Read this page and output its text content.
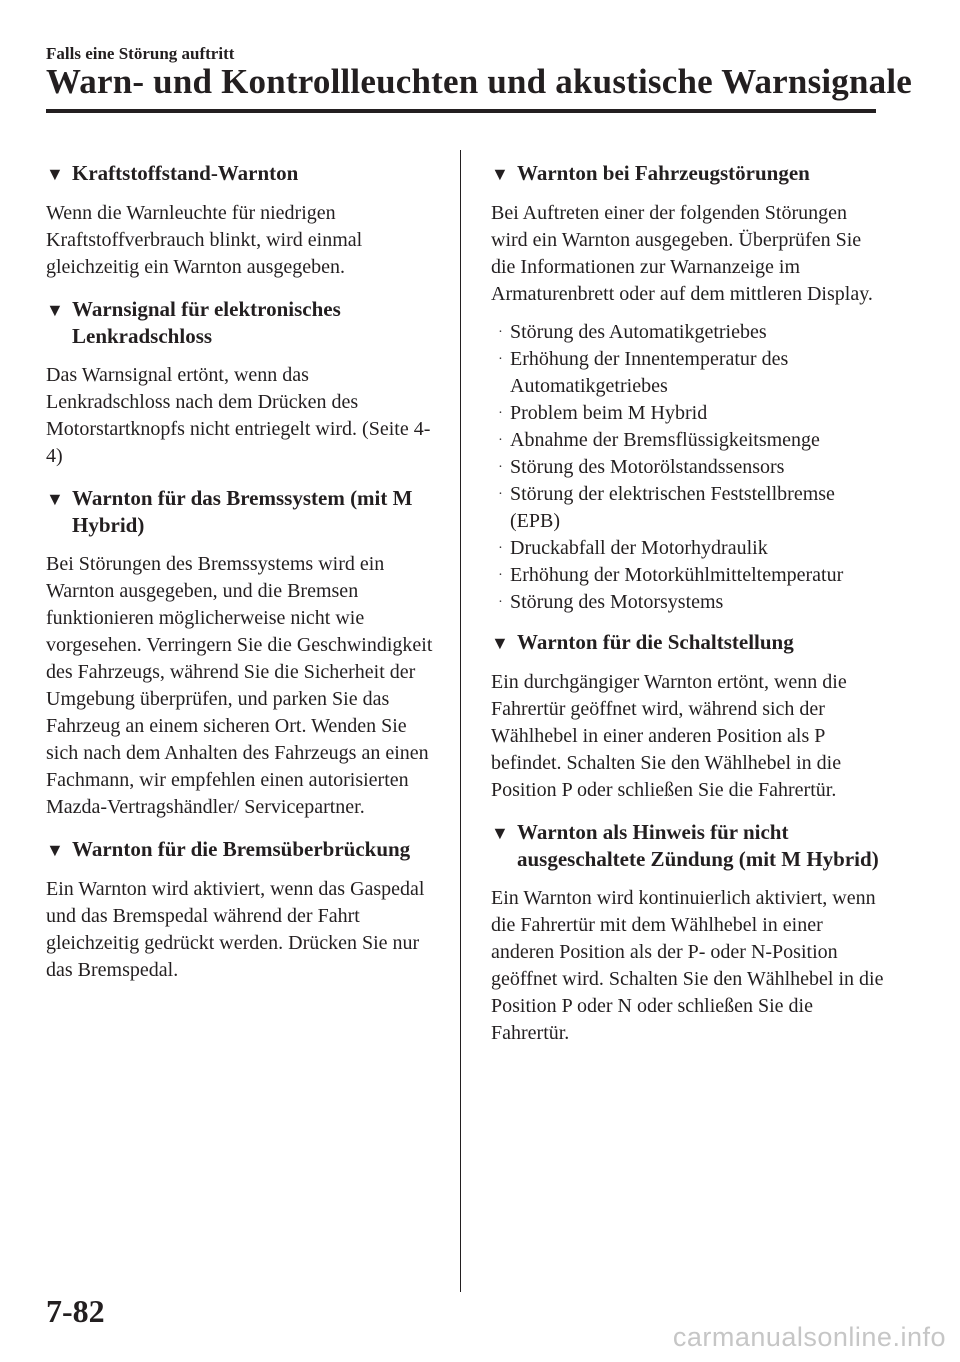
Falls eine Störung auftritt
Warn- und Kontrollleuchten und akustische Warnsignale
▼ Kraftstoffstand-Warnton

Wenn die Warnleuchte für niedrigen Kraftstoffverbrauch blinkt, wird einmal gleichzeitig ein Warnton ausgegeben.

▼ Warnsignal für elektronisches Lenkradschloss

Das Warnsignal ertönt, wenn das Lenkradschloss nach dem Drücken des Motorstartknopfs nicht entriegelt wird. (Seite 4-4)

▼ Warnton für das Bremssystem (mit M Hybrid)

Bei Störungen des Bremssystems wird ein Warnton ausgegeben, und die Bremsen funktionieren möglicherweise nicht wie vorgesehen. Verringern Sie die Geschwindigkeit des Fahrzeugs, während Sie die Sicherheit der Umgebung überprüfen, und parken Sie das Fahrzeug an einem sicheren Ort. Wenden Sie sich nach dem Anhalten des Fahrzeugs an einen Fachmann, wir empfehlen einen autorisierten Mazda-Vertragshändler/ Servicepartner.

▼ Warnton für die Bremsüberbrückung

Ein Warnton wird aktiviert, wenn das Gaspedal und das Bremspedal während der Fahrt gleichzeitig gedrückt werden. Drücken Sie nur das Bremspedal.

▼ Warnton bei Fahrzeugstörungen

Bei Auftreten einer der folgenden Störungen wird ein Warnton ausgegeben. Überprüfen Sie die Informationen zur Warnanzeige im Armaturenbrett oder auf dem mittleren Display.

· Störung des Automatikgetriebes
· Erhöhung der Innentemperatur des Automatikgetriebes
· Problem beim M Hybrid
· Abnahme der Bremsflüssigkeitsmenge
· Störung des Motorölstandssensors
· Störung der elektrischen Feststellbremse (EPB)
· Druckabfall der Motorhydraulik
· Erhöhung der Motorkühlmitteltemperatur
· Störung des Motorsystems
▼ Warnton für die Schaltstellung

Ein durchgängiger Warnton ertönt, wenn die Fahrertür geöffnet wird, während sich der Wählhebel in einer anderen Position als P befindet. Schalten Sie den Wählhebel in die Position P oder schließen Sie die Fahrertür.

▼ Warnton als Hinweis für nicht ausgeschaltete Zündung (mit M Hybrid)

Ein Warnton wird kontinuierlich aktiviert, wenn die Fahrertür mit dem Wählhebel in einer anderen Position als der P- oder N-Position geöffnet wird. Schalten Sie den Wählhebel in die Position P oder N oder schließen Sie die Fahrertür.

7-82
carmanualsonline.info
